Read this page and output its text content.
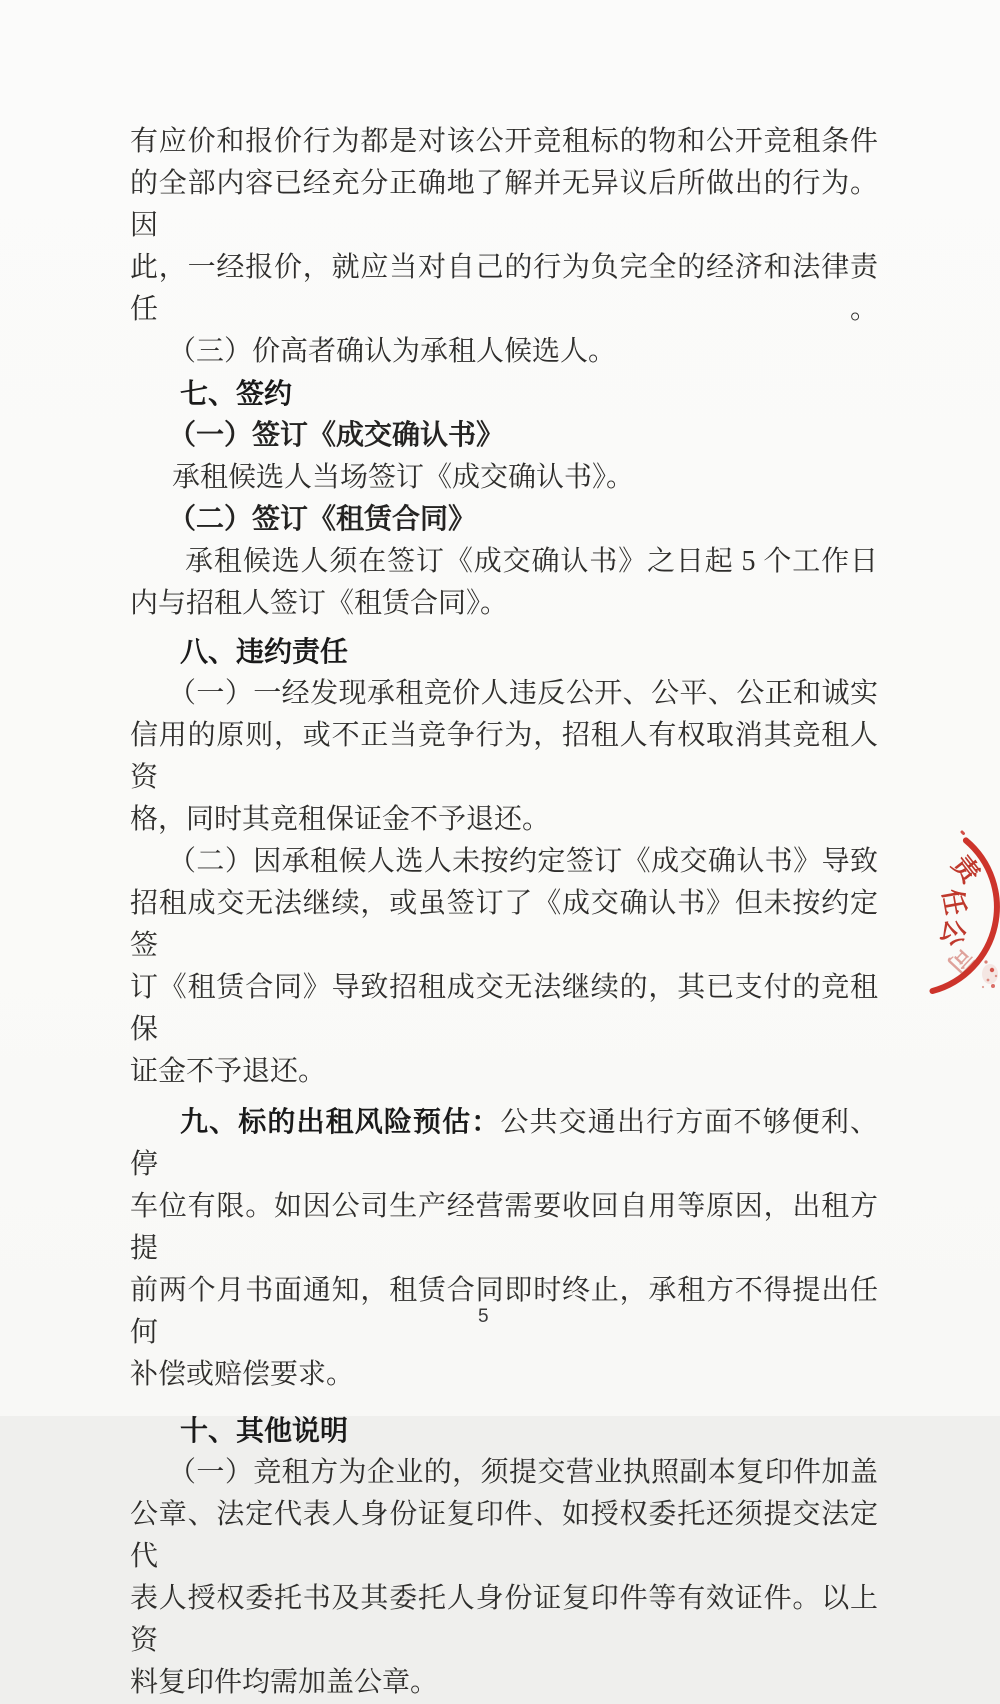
有应价和报价行为都是对该公开竞租标的物和公开竞租条件
的全部内容已经充分正确地了解并无异议后所做出的行为。因
此，一经报价，就应当对自己的行为负完全的经济和法律责任。
（三）价高者确认为承租人候选人。
七、签约
（一）签订《成交确认书》
承租候选人当场签订《成交确认书》。
（二）签订《租赁合同》
承租候选人须在签订《成交确认书》之日起 5 个工作日
内与招租人签订《租赁合同》。
八、违约责任
（一）一经发现承租竞价人违反公开、公平、公正和诚实
信用的原则，或不正当竞争行为，招租人有权取消其竞租人资
格，同时其竞租保证金不予退还。
（二）因承租候人选人未按约定签订《成交确认书》导致
招租成交无法继续，或虽签订了《成交确认书》但未按约定签
订《租赁合同》导致招租成交无法继续的，其已支付的竞租保
证金不予退还。
九、标的出租风险预估：公共交通出行方面不够便利、停
车位有限。如因公司生产经营需要收回自用等原因，出租方提
前两个月书面通知，租赁合同即时终止，承租方不得提出任何
补偿或赔偿要求。
十、其他说明
（一）竞租方为企业的，须提交营业执照副本复印件加盖
公章、法定代表人身份证复印件、如授权委托还须提交法定代
表人授权委托书及其委托人身份证复印件等有效证件。以上资
料复印件均需加盖公章。
责
任
公
司
5
